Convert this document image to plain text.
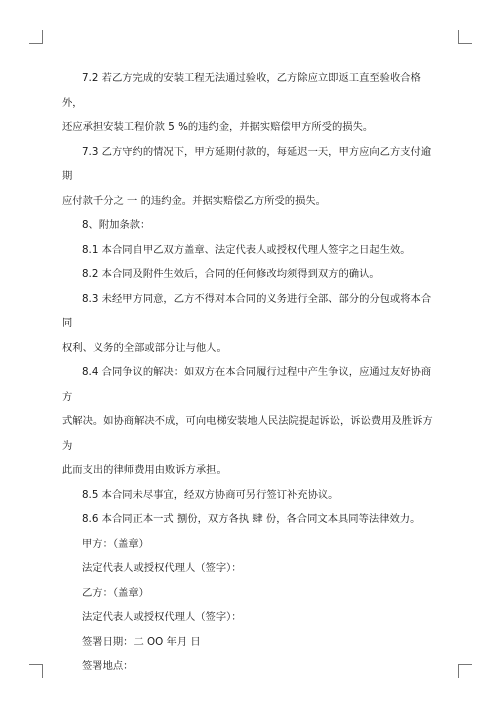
7.2 若乙方完成的安装工程无法通过验收，乙方除应立即返工直至验收合格外，
还应承担安装工程价款 5 %的违约金，并据实赔偿甲方所受的损失。

7.3 乙方守约的情况下，甲方延期付款的，每延迟一天，甲方应向乙方支付逾期
应付款千分之 一 的违约金。并据实赔偿乙方所受的损失。

8、附加条款：

8.1 本合同自甲乙双方盖章、法定代表人或授权代理人签字之日起生效。

8.2 本合同及附件生效后，合同的任何修改均须得到双方的确认。

8.3 未经甲方同意，乙方不得对本合同的义务进行全部、部分的分包或将本合同
权利、义务的全部或部分让与他人。

8.4 合同争议的解决：如双方在本合同履行过程中产生争议，应通过友好协商方
式解决。如协商解决不成，可向电梯安装地人民法院提起诉讼，诉讼费用及胜诉方为
此而支出的律师费用由败诉方承担。

8.5 本合同未尽事宜，经双方协商可另行签订补充协议。

8.6 本合同正本一式 捌份，双方各执 肆 份，各合同文本具同等法律效力。

甲方：（盖章）

法定代表人或授权代理人（签字）：

乙方：（盖章）

法定代表人或授权代理人（签字）：

签署日期：二 OO 年月 日

签署地点：
